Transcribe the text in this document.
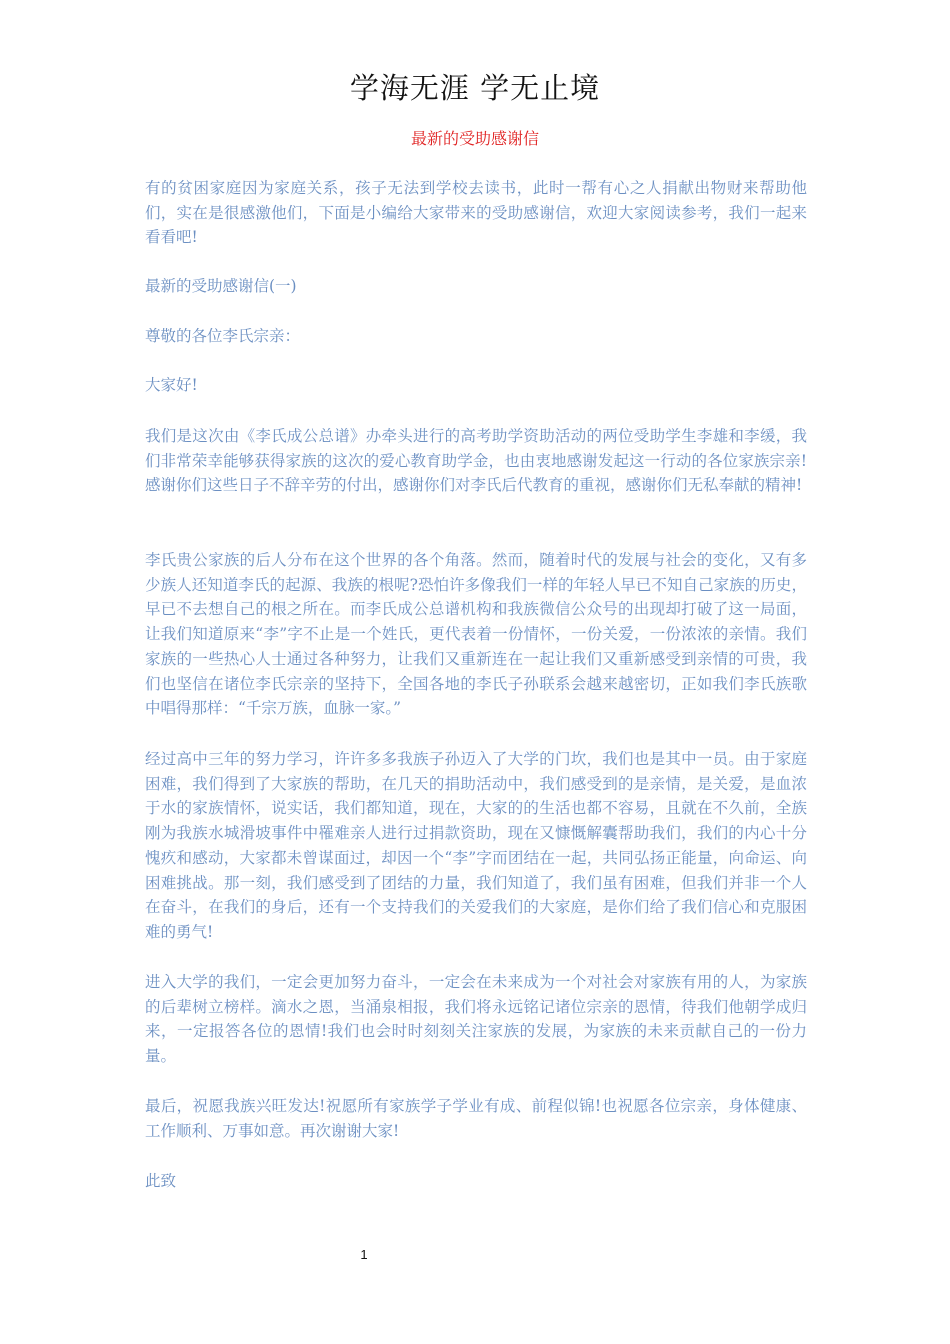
学海无涯 学无止境
最新的受助感谢信

有的贫困家庭因为家庭关系，孩子无法到学校去读书，此时一帮有心之人捐献出物财来帮助他们，实在是很感激他们，下面是小编给大家带来的受助感谢信，欢迎大家阅读参考，我们一起来看看吧!

最新的受助感谢信(一)

尊敬的各位李氏宗亲：

大家好!

我们是这次由《李氏成公总谱》办牵头进行的高考助学资助活动的两位受助学生李雄和李缓，我们非常荣幸能够获得家族的这次的爱心教育助学金，也由衷地感谢发起这一行动的各位家族宗亲!感谢你们这些日子不辞辛劳的付出，感谢你们对李氏后代教育的重视，感谢你们无私奉献的精神!

李氏贵公家族的后人分布在这个世界的各个角落。然而，随着时代的发展与社会的变化，又有多少族人还知道李氏的起源、我族的根呢?恐怕许多像我们一样的年轻人早已不知自己家族的历史，早已不去想自己的根之所在。而李氏成公总谱机构和我族微信公众号的出现却打破了这一局面，让我们知道原来“李”字不止是一个姓氏，更代表着一份情怀，一份关爱，一份浓浓的亲情。我们家族的一些热心人士通过各种努力，让我们又重新连在一起让我们又重新感受到亲情的可贵，我们也坚信在诸位李氏宗亲的坚持下，全国各地的李氏子孙联系会越来越密切，正如我们李氏族歌中唱得那样：“千宗万族，血脉一家。”

经过高中三年的努力学习，许许多多我族子孙迈入了大学的门坎，我们也是其中一员。由于家庭困难，我们得到了大家族的帮助，在几天的捐助活动中，我们感受到的是亲情，是关爱，是血浓于水的家族情怀，说实话，我们都知道，现在，大家的的生活也都不容易，且就在不久前，全族刚为我族水城滑坡事件中罹难亲人进行过捐款资助，现在又慷慨解囊帮助我们，我们的内心十分愧疚和感动，大家都未曾谋面过，却因一个“李”字而团结在一起，共同弘扬正能量，向命运、向困难挑战。那一刻，我们感受到了团结的力量，我们知道了，我们虽有困难，但我们并非一个人在奋斗，在我们的身后，还有一个支持我们的关爱我们的大家庭，是你们给了我们信心和克服困难的勇气!

进入大学的我们，一定会更加努力奋斗，一定会在未来成为一个对社会对家族有用的人，为家族的后辈树立榜样。滴水之恩，当涌泉相报，我们将永远铭记诸位宗亲的恩情，待我们他朝学成归来，一定报答各位的恩情!我们也会时时刻刻关注家族的发展，为家族的未来贡献自己的一份力量。

最后，祝愿我族兴旺发达!祝愿所有家族学子学业有成、前程似锦!也祝愿各位宗亲，身体健康、工作顺利、万事如意。再次谢谢大家!

此致

1
